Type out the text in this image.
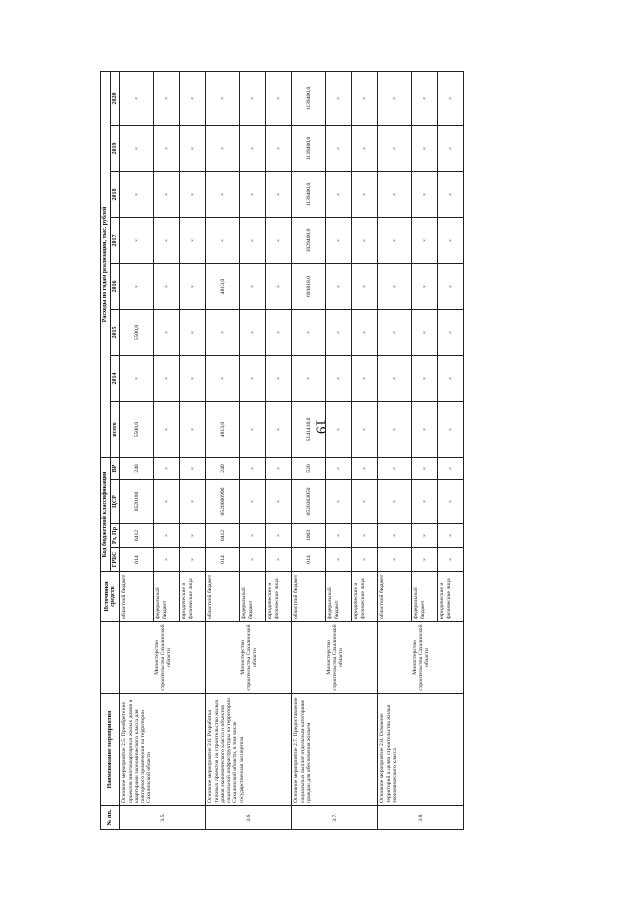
19
№ пп.	Наименование мероприятия		Источники средств	Код бюджетной классификации				Расходы по годам реализации, тыс. рублей							
				ГРБС	Рз, Пр	ЦСР	ВР	всего	2014	2015	2016	2017	2018	2019	2020
3.5.	Основное мероприятие 2.5. Приобретение проектов многоквартирных жилых домов и квартирами экономического класса для повторного применения на территории Сахалинской области	Министерство строительства Сахалинской области	областной бюджет	014	0412	0520100	240	5500,0	×	5500,0	×	×	×	×	×
			федеральный бюджет	×	×	×	×	×	×	×	×	×	×	×	×
			юридические и физические лица	×	×	×	×	×	×	×	×	×	×	×	×
3.6.	Основное мероприятие 2.6. Разработка типовых проектов на строительство жилых домов экономического класса и объектов социальной инфраструктуры на территории Сахалинской области, в том числе государственная экспертиза	Министерство строительства Сахалинской области	областной бюджет	014	0412	0520600990	240	4813,0	×	×	4813,0	×	×	×	×
			федеральный бюджет	×	×	×	×	×	×	×	×	×	×	×	×
			юридические и физические лица	×	×	×	×	×	×	×	×	×	×	×	×
3.7.	Основное мероприятие 2.7. Предоставление социальных выплат отдельным категориям граждан для обеспечения жильем	Министерство строительства Сахалинской области	областной бюджет	014	1003	0520363050	520	5141418,0	×	×	693818,0	1029400,0	1139400,0	1139400,0	1139400,0
			федеральный бюджет	×	×	×	×	×	×	×	×	×	×	×	×
			юридические и физические лица	×	×	×	×	×	×	×	×	×	×	×	×
3.8.	Основное мероприятие 2.8. Освоение территорий в целях строительства жилья экономического класса	Министерство строительства Сахалинской области	областной бюджет	×	×	×	×	×	×	×	×	×	×	×	×
			федеральный бюджет	×	×	×	×	×	×	×	×	×	×	×	×
			юридические и физические лица	×	×	×	×	×	×	×	×	×	×	×	×
